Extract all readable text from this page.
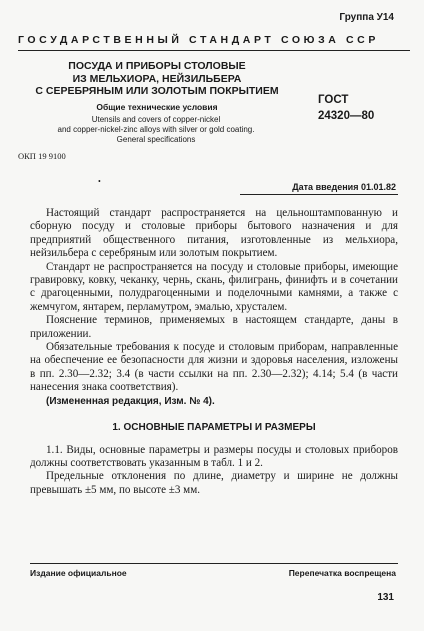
Группа У14
ГОСУДАРСТВЕННЫЙ СТАНДАРТ СОЮЗА ССР
ПОСУДА И ПРИБОРЫ СТОЛОВЫЕ
ИЗ МЕЛЬХИОРА, НЕЙЗИЛЬБЕРА
С СЕРЕБРЯНЫМ ИЛИ ЗОЛОТЫМ ПОКРЫТИЕМ
Общие технические условия
Utensils and covers of copper-nickel
and copper-nickel-zinc alloys with silver or gold coating.
General specifications
ГОСТ
24320—80
ОКП 19 9100
•
Дата введения 01.01.82

Настоящий стандарт распространяется на цельноштампованную и сборную посуду и столовые приборы бытового назначения и для предприятий общественного питания, изготовленные из мельхиора, нейзильбера с серебряным или золотым покрытием.

Стандарт не распространяется на посуду и столовые приборы, имеющие гравировку, ковку, чеканку, чернь, скань, филигрань, финифть и в сочетании с драгоценными, полудрагоценными и поделочными камнями, а также с жемчугом, янтарем, перламутром, эмалью, хрусталем.

Пояснение терминов, применяемых в настоящем стандарте, даны в приложении.

Обязательные требования к посуде и столовым приборам, направленные на обеспечение ее безопасности для жизни и здоровья населения, изложены в пп. 2.30—2.32; 3.4 (в части ссылки на пп. 2.30—2.32); 4.14; 5.4 (в части нанесения знака соответствия).

(Измененная редакция, Изм. № 4).

1. ОСНОВНЫЕ ПАРАМЕТРЫ И РАЗМЕРЫ

1.1. Виды, основные параметры и размеры посуды и столовых приборов должны соответствовать указанным в табл. 1 и 2.

Предельные отклонения по длине, диаметру и ширине не должны превышать ±5 мм, по высоте ±3 мм.

Издание официальное	Перепечатка воспрещена
131
